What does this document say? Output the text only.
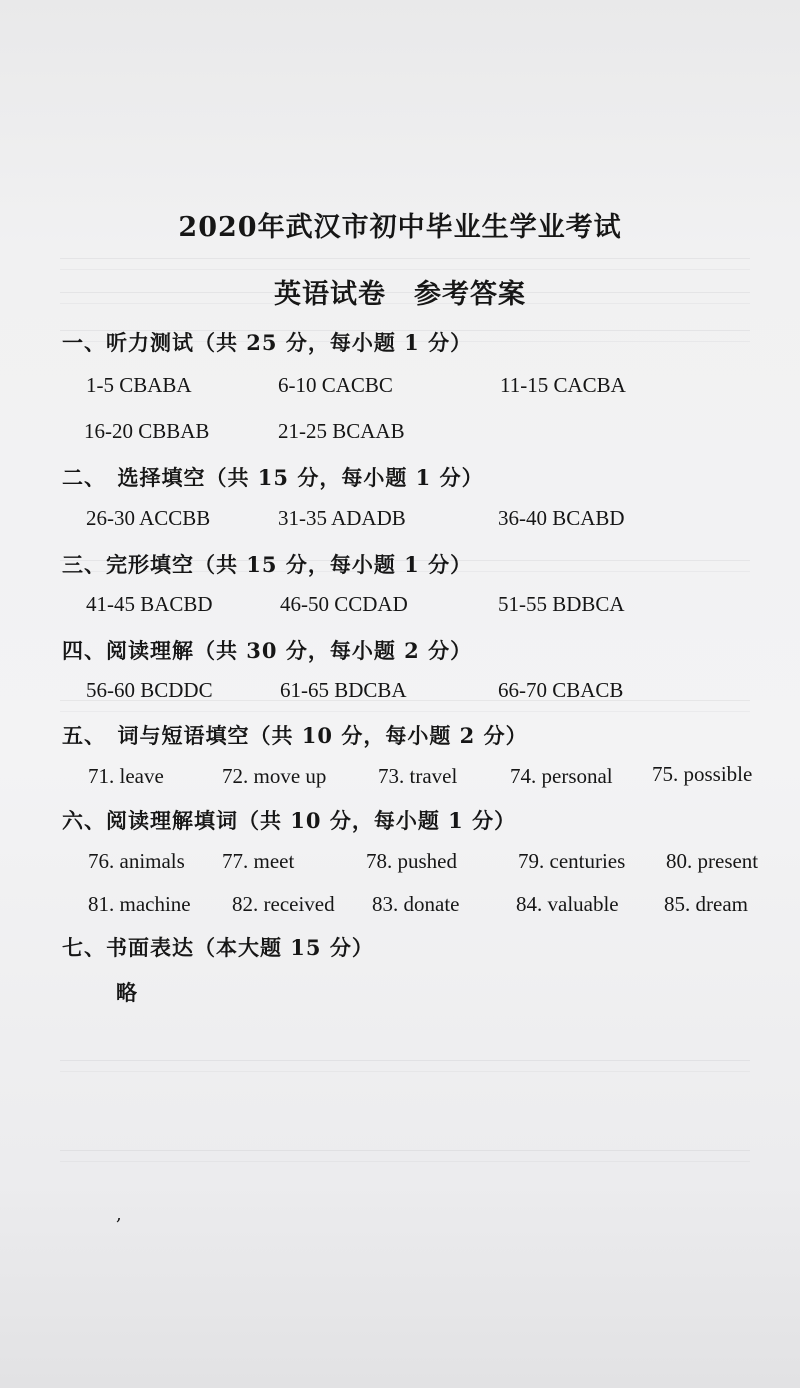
2020年武汉市初中毕业生学业考试
英语试卷　参考答案
一、听力测试（共 25 分，每小题 1 分）
1-5 CBABA	6-10 CACBC	11-15 CACBA
16-20 CBBAB	21-25 BCAAB
二、　选择填空（共 15 分，每小题 1 分）
26-30 ACCBB	31-35 ADADB	36-40 BCABD
三、完形填空（共 15 分，每小题 1 分）
41-45 BACBD	46-50 CCDAD	51-55 BDBCA
四、阅读理解（共 30 分，每小题 2 分）
56-60 BCDDC	61-65 BDCBA	66-70 CBACB
五、　词与短语填空（共 10 分，每小题 2 分）
71. leave	72. move up 73. travel	74. personal 75. possible
六、阅读理解填词（共 10 分，每小题 1 分）
76. animals 77. meet	78. pushed	79. centuries 80. present
81. machine 82. received 83. donate	84. valuable 85. dream
七、书面表达（本大题 15 分）
略
,
